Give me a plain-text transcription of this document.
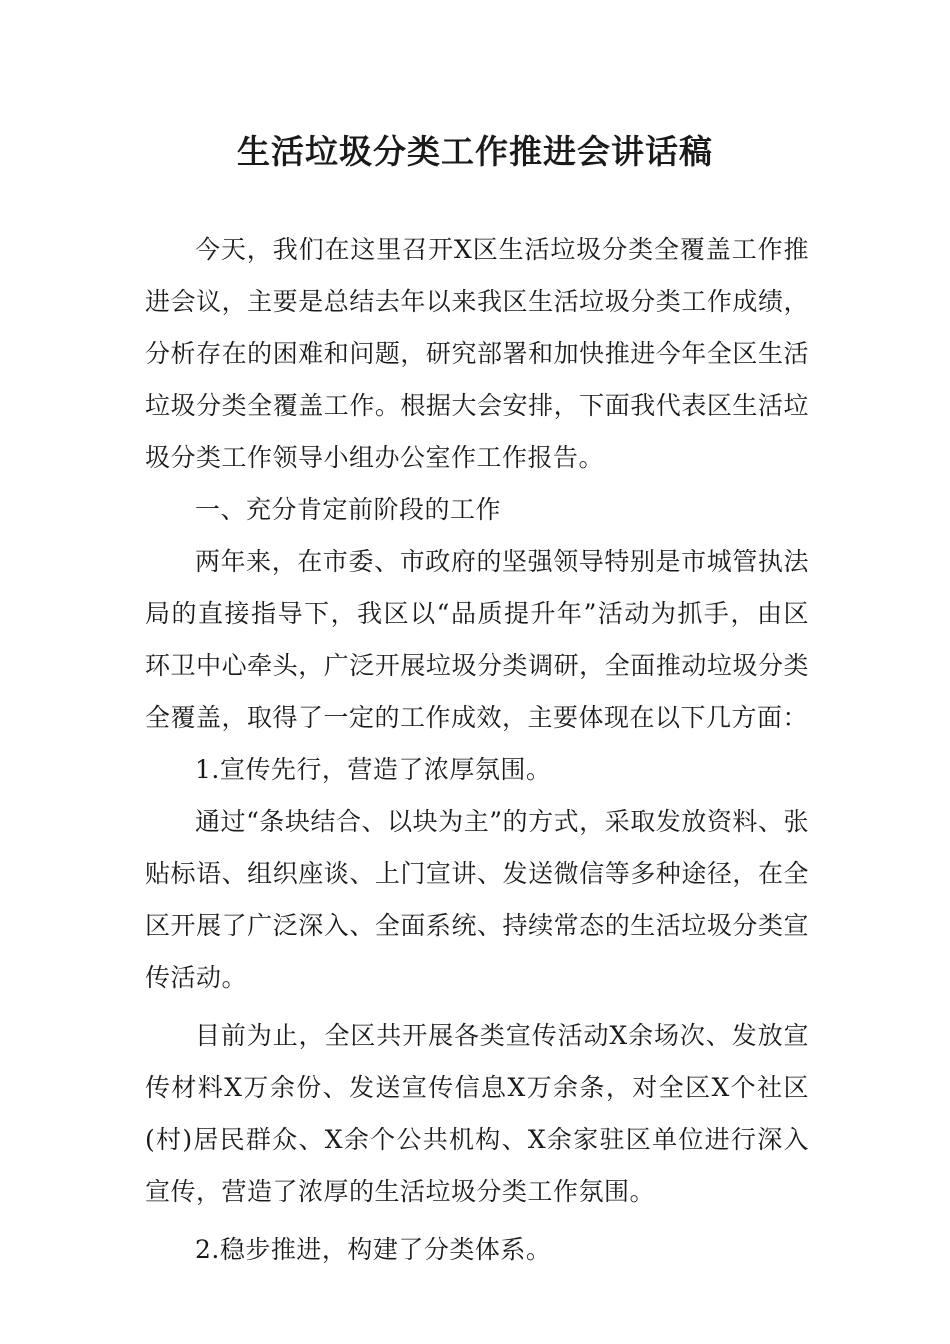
生活垃圾分类工作推进会讲话稿

今天，我们在这里召开X区生活垃圾分类全覆盖工作推进会议，主要是总结去年以来我区生活垃圾分类工作成绩，分析存在的困难和问题，研究部署和加快推进今年全区生活垃圾分类全覆盖工作。根据大会安排，下面我代表区生活垃圾分类工作领导小组办公室作工作报告。

一、充分肯定前阶段的工作

两年来，在市委、市政府的坚强领导特别是市城管执法局的直接指导下，我区以“品质提升年”活动为抓手，由区环卫中心牵头，广泛开展垃圾分类调研，全面推动垃圾分类全覆盖，取得了一定的工作成效，主要体现在以下几方面：

1.宣传先行，营造了浓厚氛围。

通过“条块结合、以块为主”的方式，采取发放资料、张贴标语、组织座谈、上门宣讲、发送微信等多种途径，在全区开展了广泛深入、全面系统、持续常态的生活垃圾分类宣传活动。

目前为止，全区共开展各类宣传活动X余场次、发放宣传材料X万余份、发送宣传信息X万余条，对全区X个社区(村)居民群众、X余个公共机构、X余家驻区单位进行深入宣传，营造了浓厚的生活垃圾分类工作氛围。

2.稳步推进，构建了分类体系。
